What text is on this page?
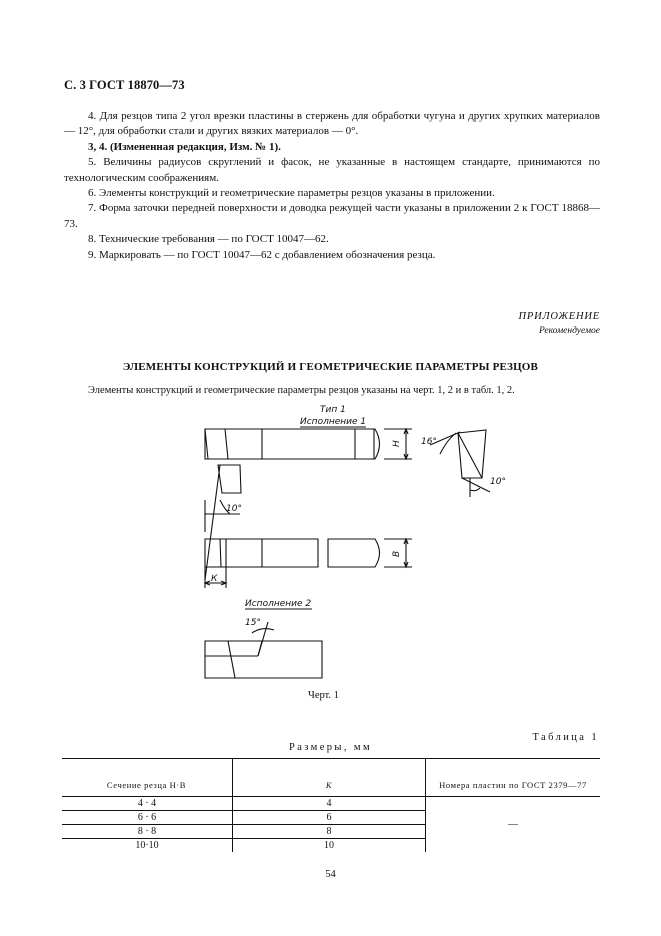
С. 3 ГОСТ 18870—73

4. Для резцов типа 2 угол врезки пластины в стержень для обработки чугуна и других хрупких материалов — 12°, для обработки стали и других вязких материалов — 0°.

3, 4. (Измененная редакция, Изм. № 1).

5. Величины радиусов скруглений и фасок, не указанные в настоящем стандарте, принимаются по технологическим соображениям.

6. Элементы конструкций и геометрические параметры резцов указаны в приложении.

7. Форма заточки передней поверхности и доводка режущей части указаны в приложении 2 к ГОСТ 18868—73.

8. Технические требования — по ГОСТ 10047—62.

9. Маркировать — по ГОСТ 10047—62 с добавлением обозначения резца.

ПРИЛОЖЕНИЕ
Рекомендуемое
ЭЛЕМЕНТЫ КОНСТРУКЦИЙ И ГЕОМЕТРИЧЕСКИЕ ПАРАМЕТРЫ РЕЗЦОВ
Элементы конструкций и геометрические параметры резцов указаны на черт. 1, 2 и в табл. 1, 2.
Тип 1
Исполнение 1
Н 16°
10°
10°
В
К
Исполнение 2
15°
Черт. 1
Таблица 1
Размеры, мм
Сечение резца Н·В	К	Номера пластин по ГОСТ 2379—77
4 · 4	4	—
6 · 6	6	
8 · 8	8	
10·10	10	
54
